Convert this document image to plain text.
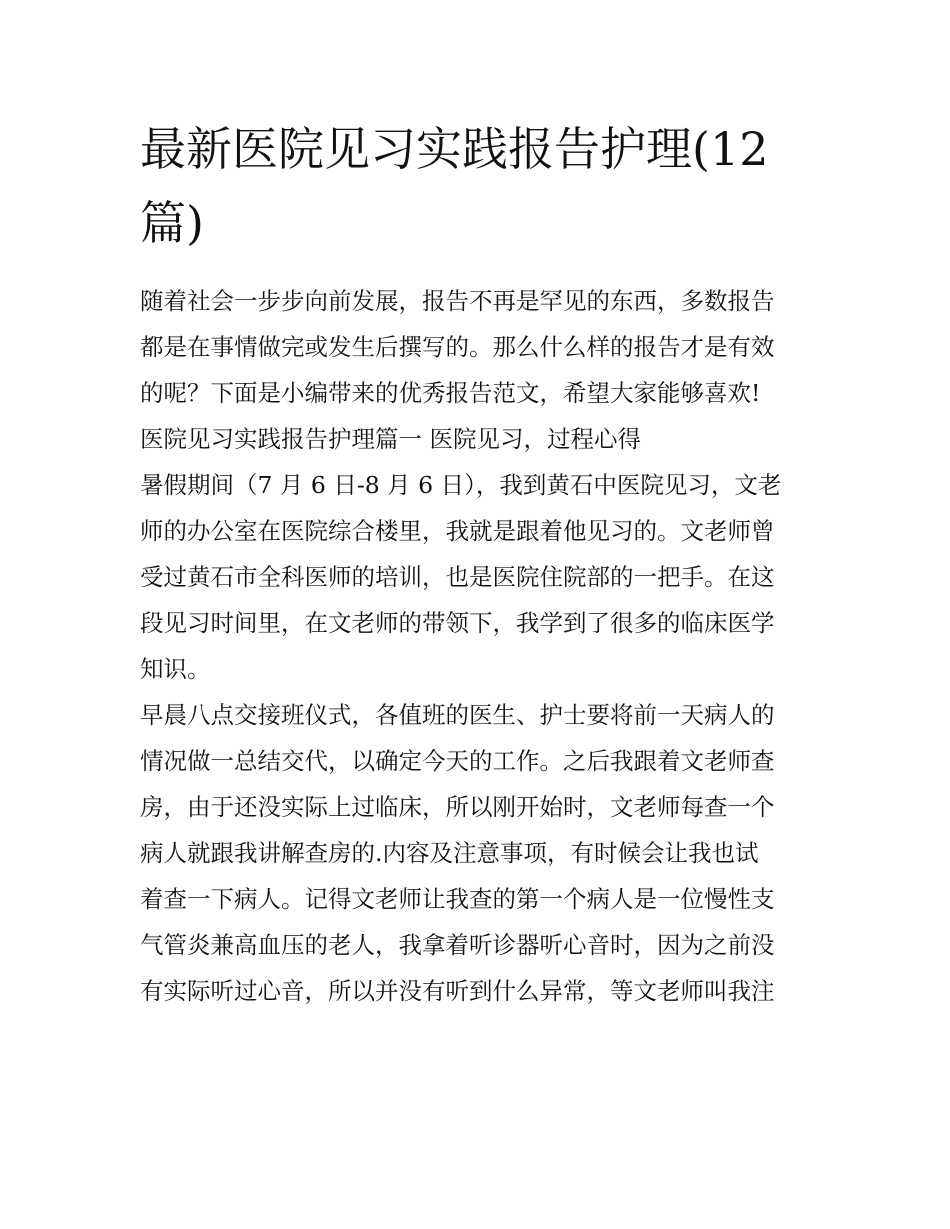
最新医院见习实践报告护理(12
篇)
随着社会一步步向前发展，报告不再是罕见的东西，多数报告
都是在事情做完或发生后撰写的。那么什么样的报告才是有效
的呢？下面是小编带来的优秀报告范文，希望大家能够喜欢!
医院见习实践报告护理篇一 医院见习，过程心得
暑假期间（7 月 6 日-8 月 6 日），我到黄石中医院见习，文老
师的办公室在医院综合楼里，我就是跟着他见习的。文老师曾
受过黄石市全科医师的培训，也是医院住院部的一把手。在这
段见习时间里，在文老师的带领下，我学到了很多的临床医学
知识。
早晨八点交接班仪式，各值班的医生、护士要将前一天病人的
情况做一总结交代，以确定今天的工作。之后我跟着文老师查
房，由于还没实际上过临床，所以刚开始时，文老师每查一个
病人就跟我讲解查房的.内容及注意事项，有时候会让我也试
着查一下病人。记得文老师让我查的第一个病人是一位慢性支
气管炎兼高血压的老人，我拿着听诊器听心音时，因为之前没
有实际听过心音，所以并没有听到什么异常，等文老师叫我注
